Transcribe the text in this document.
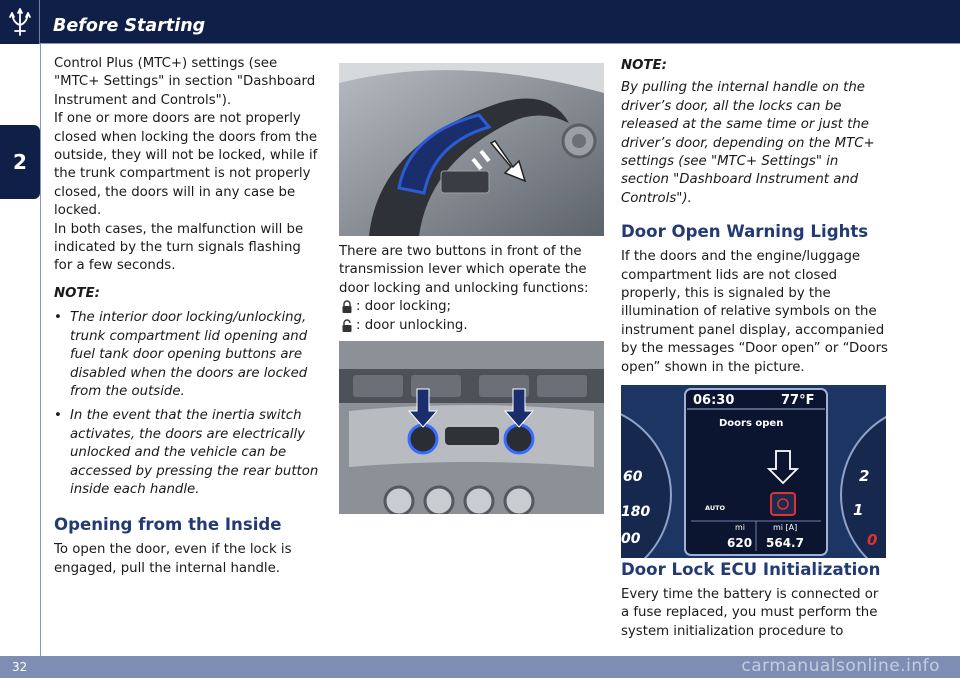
Before Starting
2

Control Plus (MTC+) settings (see "MTC+ Settings" in section "Dashboard Instrument and Controls").

If one or more doors are not properly closed when locking the doors from the outside, they will not be locked, while if the trunk compartment is not properly closed, the doors will in any case be locked.

In both cases, the malfunction will be indicated by the turn signals flashing for a few seconds.

NOTE:

• The interior door locking/unlocking, trunk compartment lid opening and fuel tank door opening buttons are disabled when the doors are locked from the outside.
• In the event that the inertia switch activates, the doors are electrically unlocked and the vehicle can be accessed by pressing the rear button inside each handle.
Opening from the Inside

To open the door, even if the lock is engaged, pull the internal handle.

There are two buttons in front of the transmission lever which operate the door locking and unlocking functions:

: door locking;
: door unlocking.

NOTE:

By pulling the internal handle on the driver’s door, all the locks can be released at the same time or just the driver’s door, depending on the MTC+ settings (see "MTC+ Settings" in section "Dashboard Instrument and Controls").

Door Open Warning Lights

If the doors and the engine/luggage compartment lids are not closed properly, this is signaled by the illumination of relative symbols on the instrument panel display, accompanied by the messages “Door open” or “Doors open” shown in the picture.

06:30	77°F
Doors open
AUTO
mi
620
mi [A]
564.7
60
180
00
2
1
0
Door Lock ECU Initialization

Every time the battery is connected or a fuse replaced, you must perform the system initialization procedure to

32	carmanualsonline.info
